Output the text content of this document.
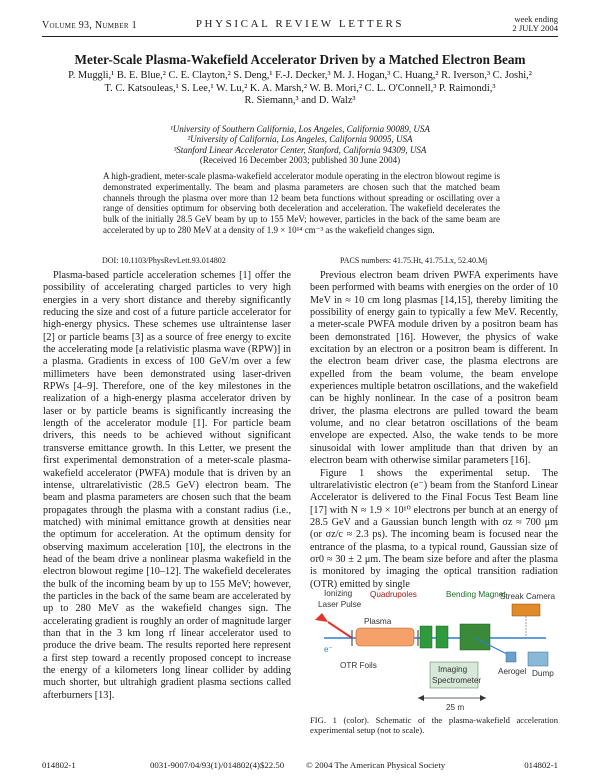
Volume 93, Number 1	PHYSICAL REVIEW LETTERS	week ending
2 JULY 2004
Meter-Scale Plasma-Wakefield Accelerator Driven by a Matched Electron Beam
P. Muggli,¹ B. E. Blue,² C. E. Clayton,² S. Deng,¹ F.-J. Decker,³ M. J. Hogan,³ C. Huang,² R. Iverson,³ C. Joshi,²
T. C. Katsouleas,¹ S. Lee,¹ W. Lu,² K. A. Marsh,² W. B. Mori,² C. L. O'Connell,³ P. Raimondi,³
R. Siemann,³ and D. Walz³
¹University of Southern California, Los Angeles, California 90089, USA
²University of California, Los Angeles, California 90095, USA
³Stanford Linear Accelerator Center, Stanford, California 94309, USA
(Received 16 December 2003; published 30 June 2004)
A high-gradient, meter-scale plasma-wakefield accelerator module operating in the electron blowout regime is demonstrated experimentally. The beam and plasma parameters are chosen such that the matched beam channels through the plasma over more than 12 beam beta functions without spreading or oscillating over a range of densities optimum for observing both deceleration and acceleration. The wakefield decelerates the bulk of the initially 28.5 GeV beam by up to 155 MeV; however, particles in the back of the same beam are accelerated by up to 280 MeV at a density of 1.9 × 10¹⁴ cm⁻³ as the wakefield changes sign.
DOI: 10.1103/PhysRevLett.93.014802	PACS numbers: 41.75.Ht, 41.75.Lx, 52.40.Mj

Plasma-based particle acceleration schemes [1] offer the possibility of accelerating charged particles to very high energies in a very short distance and thereby significantly reducing the size and cost of a future particle accelerator for high-energy physics. These schemes use ultraintense laser [2] or particle beams [3] as a source of free energy to excite the accelerating mode [a relativistic plasma wave (RPW)] in a plasma. Gradients in excess of 100 GeV/m over a few millimeters have been demonstrated using laser-driven RPWs [4–9]. Therefore, one of the key milestones in the realization of a high-energy plasma accelerator driven by laser or by particle beams is significantly increasing the length of the accelerator module [1]. For particle beam drivers, this needs to be achieved without significant transverse emittance growth. In this Letter, we present the first experimental demonstration of a meter-scale plasma-wakefield accelerator (PWFA) module that is driven by an intense, ultrarelativistic (28.5 GeV) electron beam. The beam and plasma parameters are chosen such that the beam propagates through the plasma with a constant radius (i.e., matched) with minimal emittance growth at densities near the optimum for acceleration. At the optimum density for observing maximum acceleration [10], the electrons in the head of the beam drive a nonlinear plasma wakefield in the electron blowout regime [10–12]. The wakefield decelerates the bulk of the incoming beam by up to 155 MeV; however, the particles in the back of the same beam are accelerated by up to 280 MeV as the wakefield changes sign. The accelerating gradient is roughly an order of magnitude larger than that in the 3 km long rf linear accelerator used to produce the drive beam. The results reported here represent a first step toward a recently proposed concept to increase the energy of a kilometers long linear collider by adding much shorter, but ultrahigh gradient plasma sections called afterburners [13].

Previous electron beam driven PWFA experiments have been performed with beams with energies on the order of 10 MeV in ≈ 10 cm long plasmas [14,15], thereby limiting the possibility of energy gain to typically a few MeV. Recently, a meter-scale PWFA module driven by a positron beam has been demonstrated [16]. However, the physics of wake excitation by an electron or a positron beam is different. In the electron beam driver case, the plasma electrons are expelled from the beam volume, the beam envelope experiences multiple betatron oscillations, and the wakefield can be highly nonlinear. In the case of a positron beam driver, the plasma electrons are pulled toward the beam volume, and no clear betatron oscillations of the beam envelope are expected. Also, the wake tends to be more sinusoidal with lower amplitude than that driven by an electron beam with otherwise similar parameters [16].

Figure 1 shows the experimental setup. The ultrarelativistic electron (e⁻) beam from the Stanford Linear Accelerator is delivered to the Final Focus Test Beam line [17] with N ≈ 1.9 × 10¹⁰ electrons per bunch at an energy of 28.5 GeV and a Gaussian bunch length with σz ≈ 700 μm (or σz/c ≈ 2.3 ps). The incoming beam is focused near the entrance of the plasma, to a typical round, Gaussian size of σr0 ≈ 30 ± 2 μm. The beam size before and after the plasma is monitored by imaging the optical transition radiation (OTR) emitted by single

Plasma
Quadrupoles	Bending Magnet
Ionizing
Laser Pulse
Streak Camera
e⁻
OTR Foils	Imaging
Spectrometer
25 m
Aerogel Dump
FIG. 1 (color). Schematic of the plasma-wakefield acceleration experimental setup (not to scale).
014802-1	0031-9007/04/93(1)/014802(4)$22.50 © 2004 The American Physical Society	014802-1
